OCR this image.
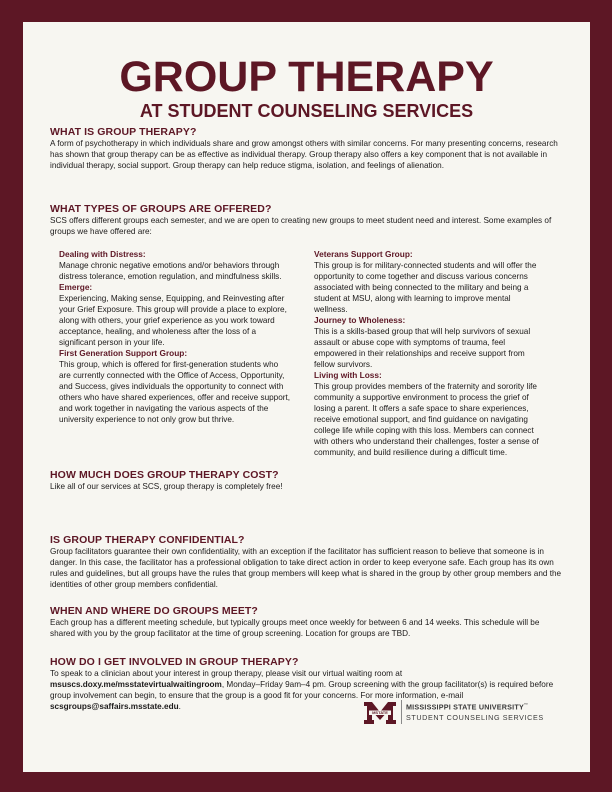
GROUP THERAPY
AT STUDENT COUNSELING SERVICES

WHAT IS GROUP THERAPY?

A form of psychotherapy in which individuals share and grow amongst others with similar concerns. For many presenting concerns, research has shown that group therapy can be as effective as individual therapy. Group therapy also offers a key component that is not available in individual therapy, social support. Group therapy can help reduce stigma, isolation, and feelings of alienation.

WHAT TYPES OF GROUPS ARE OFFERED?

SCS offers different groups each semester, and we are open to creating new groups to meet student need and interest. Some examples of groups we have offered are:

Dealing with Distress:

Manage chronic negative emotions and/or behaviors through distress tolerance, emotion regulation, and mindfulness skills.

Emerge:

Experiencing, Making sense, Equipping, and Reinvesting after your Grief Exposure. This group will provide a place to explore, along with others, your grief experience as you work toward acceptance, healing, and wholeness after the loss of a significant person in your life.

First Generation Support Group:

This group, which is offered for first-generation students who are currently connected with the Office of Access, Opportunity, and Success, gives individuals the opportunity to connect with others who have shared experiences, offer and receive support, and work together in navigating the various aspects of the university experience to not only grow but thrive.

Veterans Support Group:

This group is for military-connected students and will offer the opportunity to come together and discuss various concerns associated with being connected to the military and being a student at MSU, along with learning to improve mental wellness.

Journey to Wholeness:

This is a skills-based group that will help survivors of sexual assault or abuse cope with symptoms of trauma, feel empowered in their relationships and receive support from fellow survivors.

Living with Loss:

This group provides members of the fraternity and sorority life community a supportive environment to process the grief of losing a parent. It offers a safe space to share experiences, receive emotional support, and find guidance on navigating college life while coping with this loss. Members can connect with others who understand their challenges, foster a sense of community, and build resilience during a difficult time.

HOW MUCH DOES GROUP THERAPY COST?

Like all of our services at SCS, group therapy is completely free!

IS GROUP THERAPY CONFIDENTIAL?

Group facilitators guarantee their own confidentiality, with an exception if the facilitator has sufficient reason to believe that someone is in danger. In this case, the facilitator has a professional obligation to take direct action in order to keep everyone safe. Each group has its own rules and guidelines, but all groups have the rules that group members will keep what is shared in the group by other group members and the identities of other group members confidential.

WHEN AND WHERE DO GROUPS MEET?

Each group has a different meeting schedule, but typically groups meet once weekly for between 6 and 14 weeks. This schedule will be shared with you by the group facilitator at the time of group screening. Location for groups are TBD.

HOW DO I GET INVOLVED IN GROUP THERAPY?

To speak to a clinician about your interest in group therapy, please visit our virtual waiting room at msuscs.doxy.me/msstatevirtualwaitingroom, Monday–Friday 9am–4 pm. Group screening with the group facilitator(s) is required before group involvement can begin, to ensure that the group is a good fit for your concerns. For more information, e-mail scsgroups@saffairs.msstate.edu.

MSTATE
MISSISSIPPI STATE UNIVERSITY™
STUDENT COUNSELING SERVICES
